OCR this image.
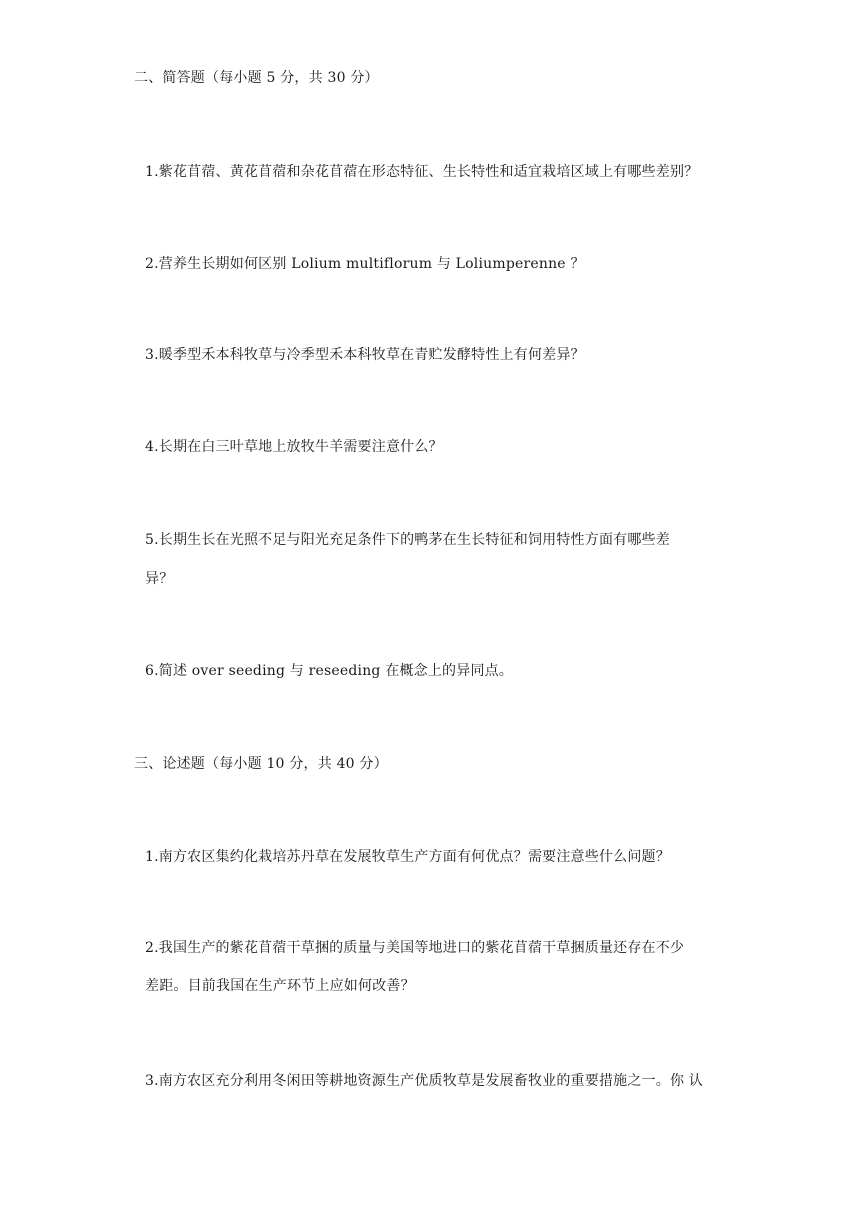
二、简答题（每小题 5 分，共 30 分）
1.紫花苜蓿、黄花苜蓿和杂花苜蓿在形态特征、生长特性和适宜栽培区域上有哪些差别？
2.营养生长期如何区别 Lolium multiflorum 与 Loliumperenne ？
3.暖季型禾本科牧草与冷季型禾本科牧草在青贮发酵特性上有何差异？
4.长期在白三叶草地上放牧牛羊需要注意什么？
5.长期生长在光照不足与阳光充足条件下的鸭茅在生长特征和饲用特性方面有哪些差
异？
6.简述 over seeding 与 reseeding 在概念上的异同点。
三、论述题（每小题 10 分，共 40 分）
1.南方农区集约化栽培苏丹草在发展牧草生产方面有何优点？需要注意些什么问题？
2.我国生产的紫花苜蓿干草捆的质量与美国等地进口的紫花苜蓿干草捆质量还存在不少
差距。目前我国在生产环节上应如何改善？
3.南方农区充分利用冬闲田等耕地资源生产优质牧草是发展畜牧业的重要措施之一。你 认
